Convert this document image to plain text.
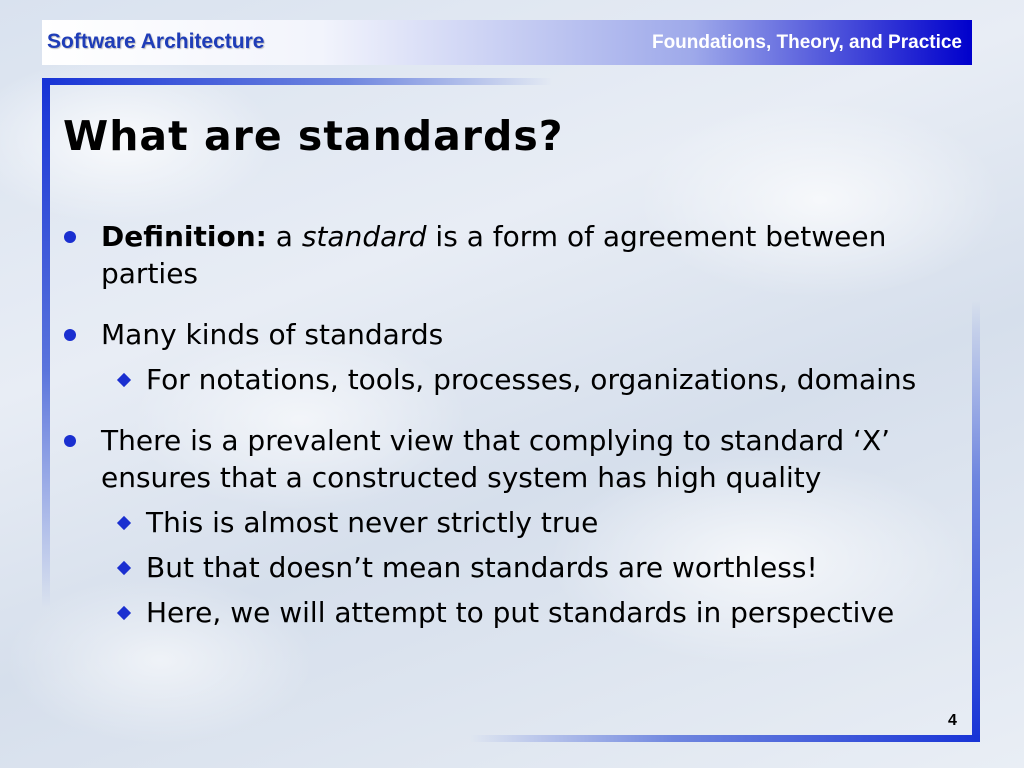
Software Architecture	Foundations, Theory, and Practice
What are standards?
Definition: a standard is a form of agreement between parties
Many kinds of standards
For notations, tools, processes, organizations, domains
There is a prevalent view that complying to standard ‘X’ ensures that a constructed system has high quality
This is almost never strictly true
But that doesn’t mean standards are worthless!
Here, we will attempt to put standards in perspective
4
